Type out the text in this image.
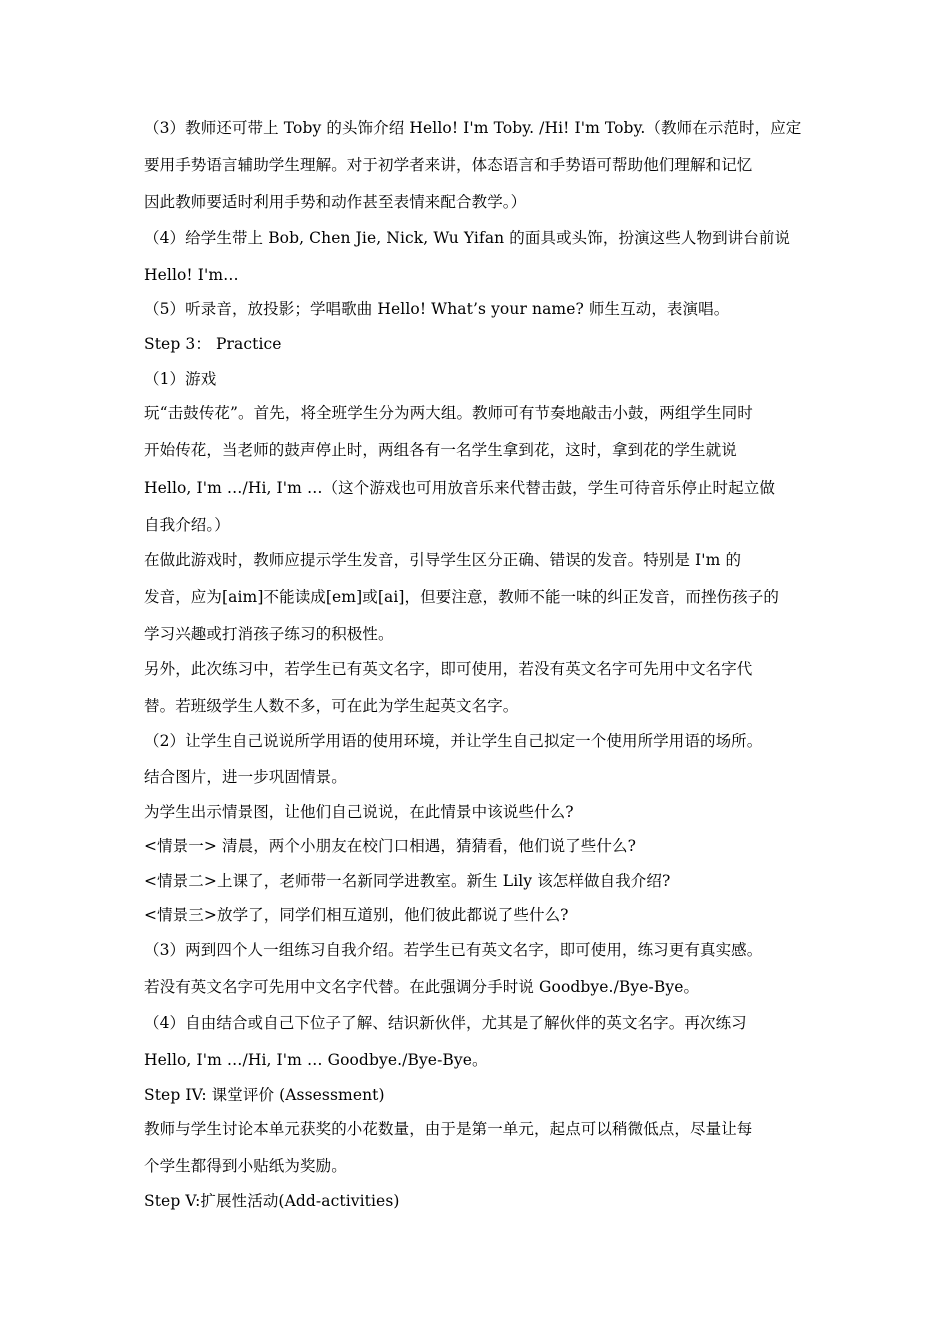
（3）教师还可带上 Toby 的头饰介绍 Hello! I'm Toby. /Hi! I'm Toby.（教师在示范时，应定
要用手势语言辅助学生理解。对于初学者来讲，体态语言和手势语可帮助他们理解和记忆
因此教师要适时利用手势和动作甚至表情来配合教学。）
（4）给学生带上 Bob, Chen Jie, Nick, Wu Yifan 的面具或头饰，扮演这些人物到讲台前说
Hello! I'm…
（5）听录音，放投影；学唱歌曲 Hello! What’s your name? 师生互动，表演唱。
Step 3： Practice
（1）游戏
玩“击鼓传花”。首先，将全班学生分为两大组。教师可有节奏地敲击小鼓，两组学生同时
开始传花，当老师的鼓声停止时，两组各有一名学生拿到花，这时，拿到花的学生就说
Hello, I'm …/Hi, I'm …（这个游戏也可用放音乐来代替击鼓，学生可待音乐停止时起立做
自我介绍。）
在做此游戏时，教师应提示学生发音，引导学生区分正确、错误的发音。特别是 I'm 的
发音，应为[aim]不能读成[em]或[ai]，但要注意，教师不能一味的纠正发音，而挫伤孩子的
学习兴趣或打消孩子练习的积极性。
另外，此次练习中，若学生已有英文名字，即可使用，若没有英文名字可先用中文名字代
替。若班级学生人数不多，可在此为学生起英文名字。
（2）让学生自己说说所学用语的使用环境，并让学生自己拟定一个使用所学用语的场所。
结合图片，进一步巩固情景。
为学生出示情景图，让他们自己说说，在此情景中该说些什么?
<情景一> 清晨，两个小朋友在校门口相遇，猜猜看，他们说了些什么?
<情景二>上课了，老师带一名新同学进教室。新生 Lily 该怎样做自我介绍?
<情景三>放学了，同学们相互道别，他们彼此都说了些什么?
（3）两到四个人一组练习自我介绍。若学生已有英文名字，即可使用，练习更有真实感。
若没有英文名字可先用中文名字代替。在此强调分手时说 Goodbye./Bye-Bye。
（4）自由结合或自己下位子了解、结识新伙伴，尤其是了解伙伴的英文名字。再次练习
Hello, I'm …/Hi, I'm … Goodbye./Bye-Bye。
Step IV: 课堂评价 (Assessment)
教师与学生讨论本单元获奖的小花数量，由于是第一单元，起点可以稍微低点，尽量让每
个学生都得到小贴纸为奖励。
Step V:扩展性活动(Add-activities)
